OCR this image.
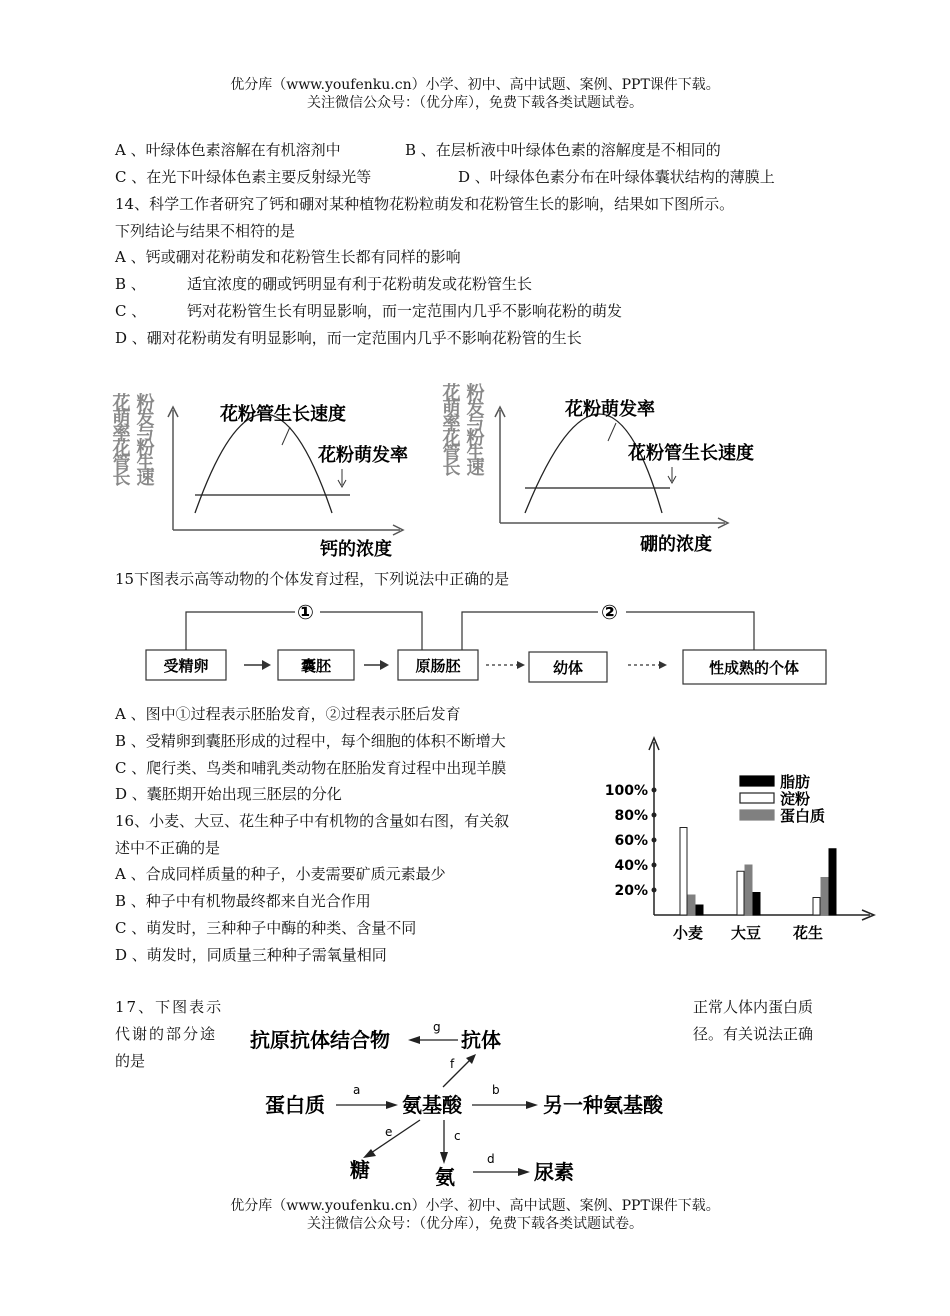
优分库（www.youfenku.cn）小学、初中、高中试题、案例、PPT课件下载。
关注微信公众号：（优分库），免费下载各类试题试卷。
A 、叶绿体色素溶解在有机溶剂中	B 、在层析液中叶绿体色素的溶解度是不相同的
C 、在光下叶绿体色素主要反射绿光等	D 、叶绿体色素分布在叶绿体囊状结构的薄膜上
14、科学工作者研究了钙和硼对某种植物花粉粒萌发和花粉管生长的影响，结果如下图所示。
下列结论与结果不相符的是
A 、钙或硼对花粉萌发和花粉管生长都有同样的影响
B 、	适宜浓度的硼或钙明显有利于花粉萌发或花粉管生长
C 、	钙对花粉管生长有明显影响，而一定范围内几乎不影响花粉的萌发
D 、硼对花粉萌发有明显影响，而一定范围内几乎不影响花粉管的生长
花萌率花管长 粉发与粉生速	花粉管生长速度
花粉萌发率
钙的浓度
花萌率花管长 粉发与粉生速	花粉萌发率
花粉管生长速度
硼的浓度
15下图表示高等动物的个体发育过程，下列说法中正确的是
①	②
受精卵	囊胚	原肠胚	幼体	性成熟的个体
A 、图中①过程表示胚胎发育，②过程表示胚后发育
B 、受精卵到囊胚形成的过程中，每个细胞的体积不断增大
C 、爬行类、鸟类和哺乳类动物在胚胎发育过程中出现羊膜
D 、囊胚期开始出现三胚层的分化
16、小麦、大豆、花生种子中有机物的含量如右图，有关叙
述中不正确的是
A 、合成同样质量的种子，小麦需要矿质元素最少
B 、种子中有机物最终都来自光合作用
C 、萌发时，三种种子中酶的种类、含量不同
D 、萌发时，同质量三种种子需氧量相同
20%
40%
60%
80%
100%
小麦 大豆 花生
脂肪
淀粉
蛋白质
17、下图表示
代谢的部分途
的是
正常人体内蛋白质
径。有关说法正确
抗原抗体结合物	抗体
g
蛋白质
a
氨基酸
b
另一种氨基酸
f
e
糖
c
氨
d
尿素
优分库（www.youfenku.cn）小学、初中、高中试题、案例、PPT课件下载。
关注微信公众号：（优分库），免费下载各类试题试卷。
